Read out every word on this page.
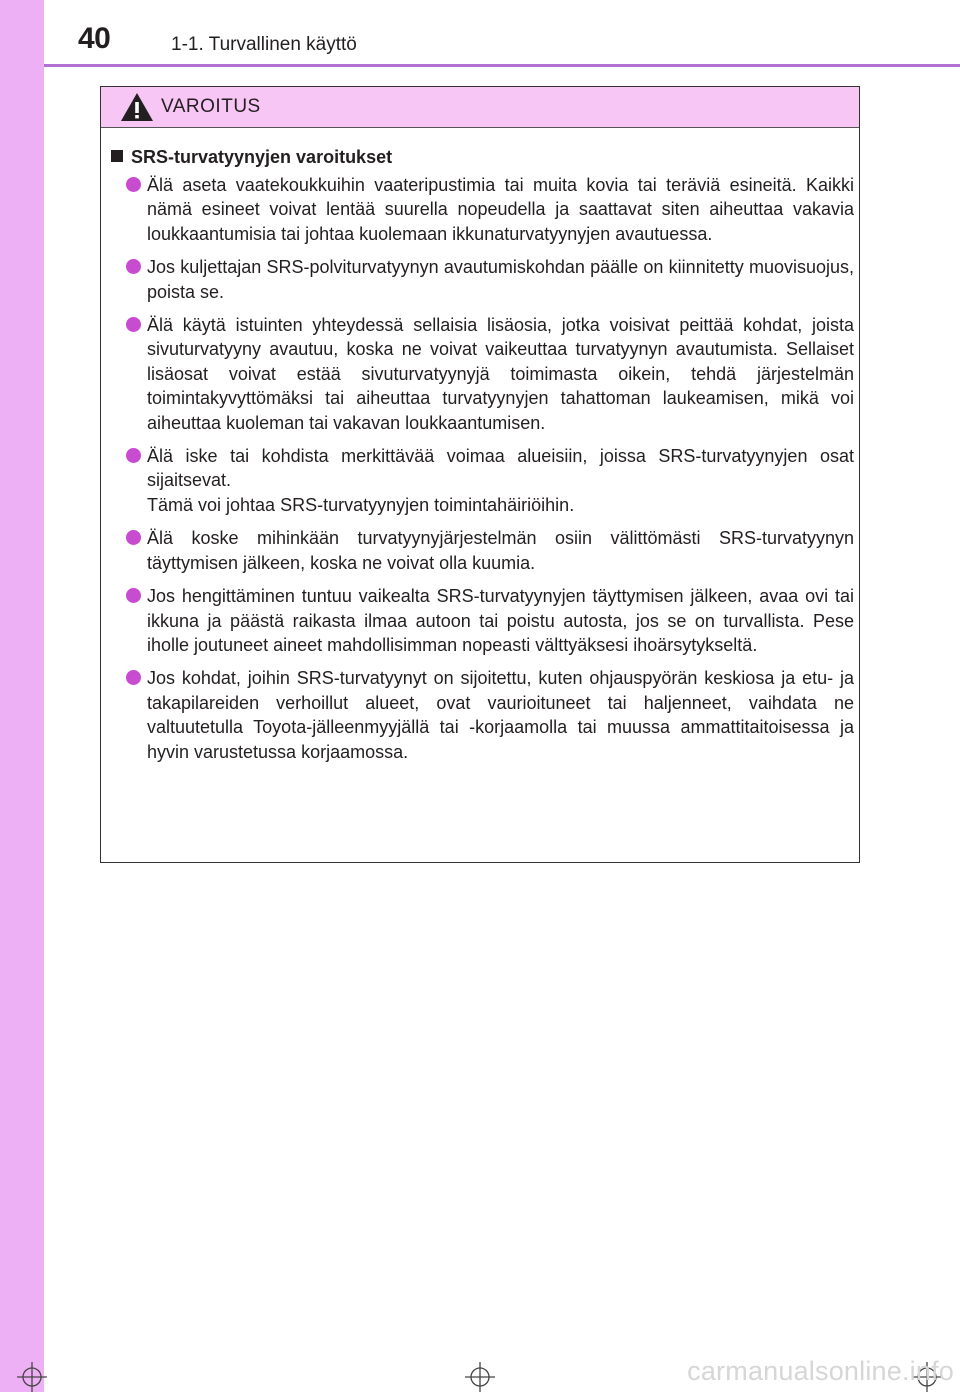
40	1-1. Turvallinen käyttö
VAROITUS
SRS-turvatyynyjen varoitukset
Älä aseta vaatekoukkuihin vaateripustimia tai muita kovia tai teräviä esineitä. Kaikki nämä esineet voivat lentää suurella nopeudella ja saattavat siten aiheuttaa vakavia loukkaantumisia tai johtaa kuolemaan ikkunaturvatyynyjen avautuessa.
Jos kuljettajan SRS-polviturvatyynyn avautumiskohdan päälle on kiinnitetty muovisuojus, poista se.
Älä käytä istuinten yhteydessä sellaisia lisäosia, jotka voisivat peittää kohdat, joista sivuturvatyyny avautuu, koska ne voivat vaikeuttaa turvatyynyn avautumista. Sellaiset lisäosat voivat estää sivuturvatyynyjä toimimasta oikein, tehdä järjestelmän toimintakyvyttömäksi tai aiheuttaa turvatyynyjen tahattoman laukeamisen, mikä voi aiheuttaa kuoleman tai vakavan loukkaantumisen.
Älä iske tai kohdista merkittävää voimaa alueisiin, joissa SRS-turvatyynyjen osat sijaitsevat.
Tämä voi johtaa SRS-turvatyynyjen toimintahäiriöihin.
Älä koske mihinkään turvatyynyjärjestelmän osiin välittömästi SRS-turvatyynyn täyttymisen jälkeen, koska ne voivat olla kuumia.
Jos hengittäminen tuntuu vaikealta SRS-turvatyynyjen täyttymisen jälkeen, avaa ovi tai ikkuna ja päästä raikasta ilmaa autoon tai poistu autosta, jos se on turvallista. Pese iholle joutuneet aineet mahdollisimman nopeasti välttyäksesi ihoärsytykseltä.
Jos kohdat, joihin SRS-turvatyynyt on sijoitettu, kuten ohjauspyörän keskiosa ja etu- ja takapilareiden verhoillut alueet, ovat vaurioituneet tai haljenneet, vaihdata ne valtuutetulla Toyota-jälleenmyyjällä tai -korjaamolla tai muussa ammattitaitoisessa ja hyvin varustetussa korjaamossa.
carmanualsonline.info
